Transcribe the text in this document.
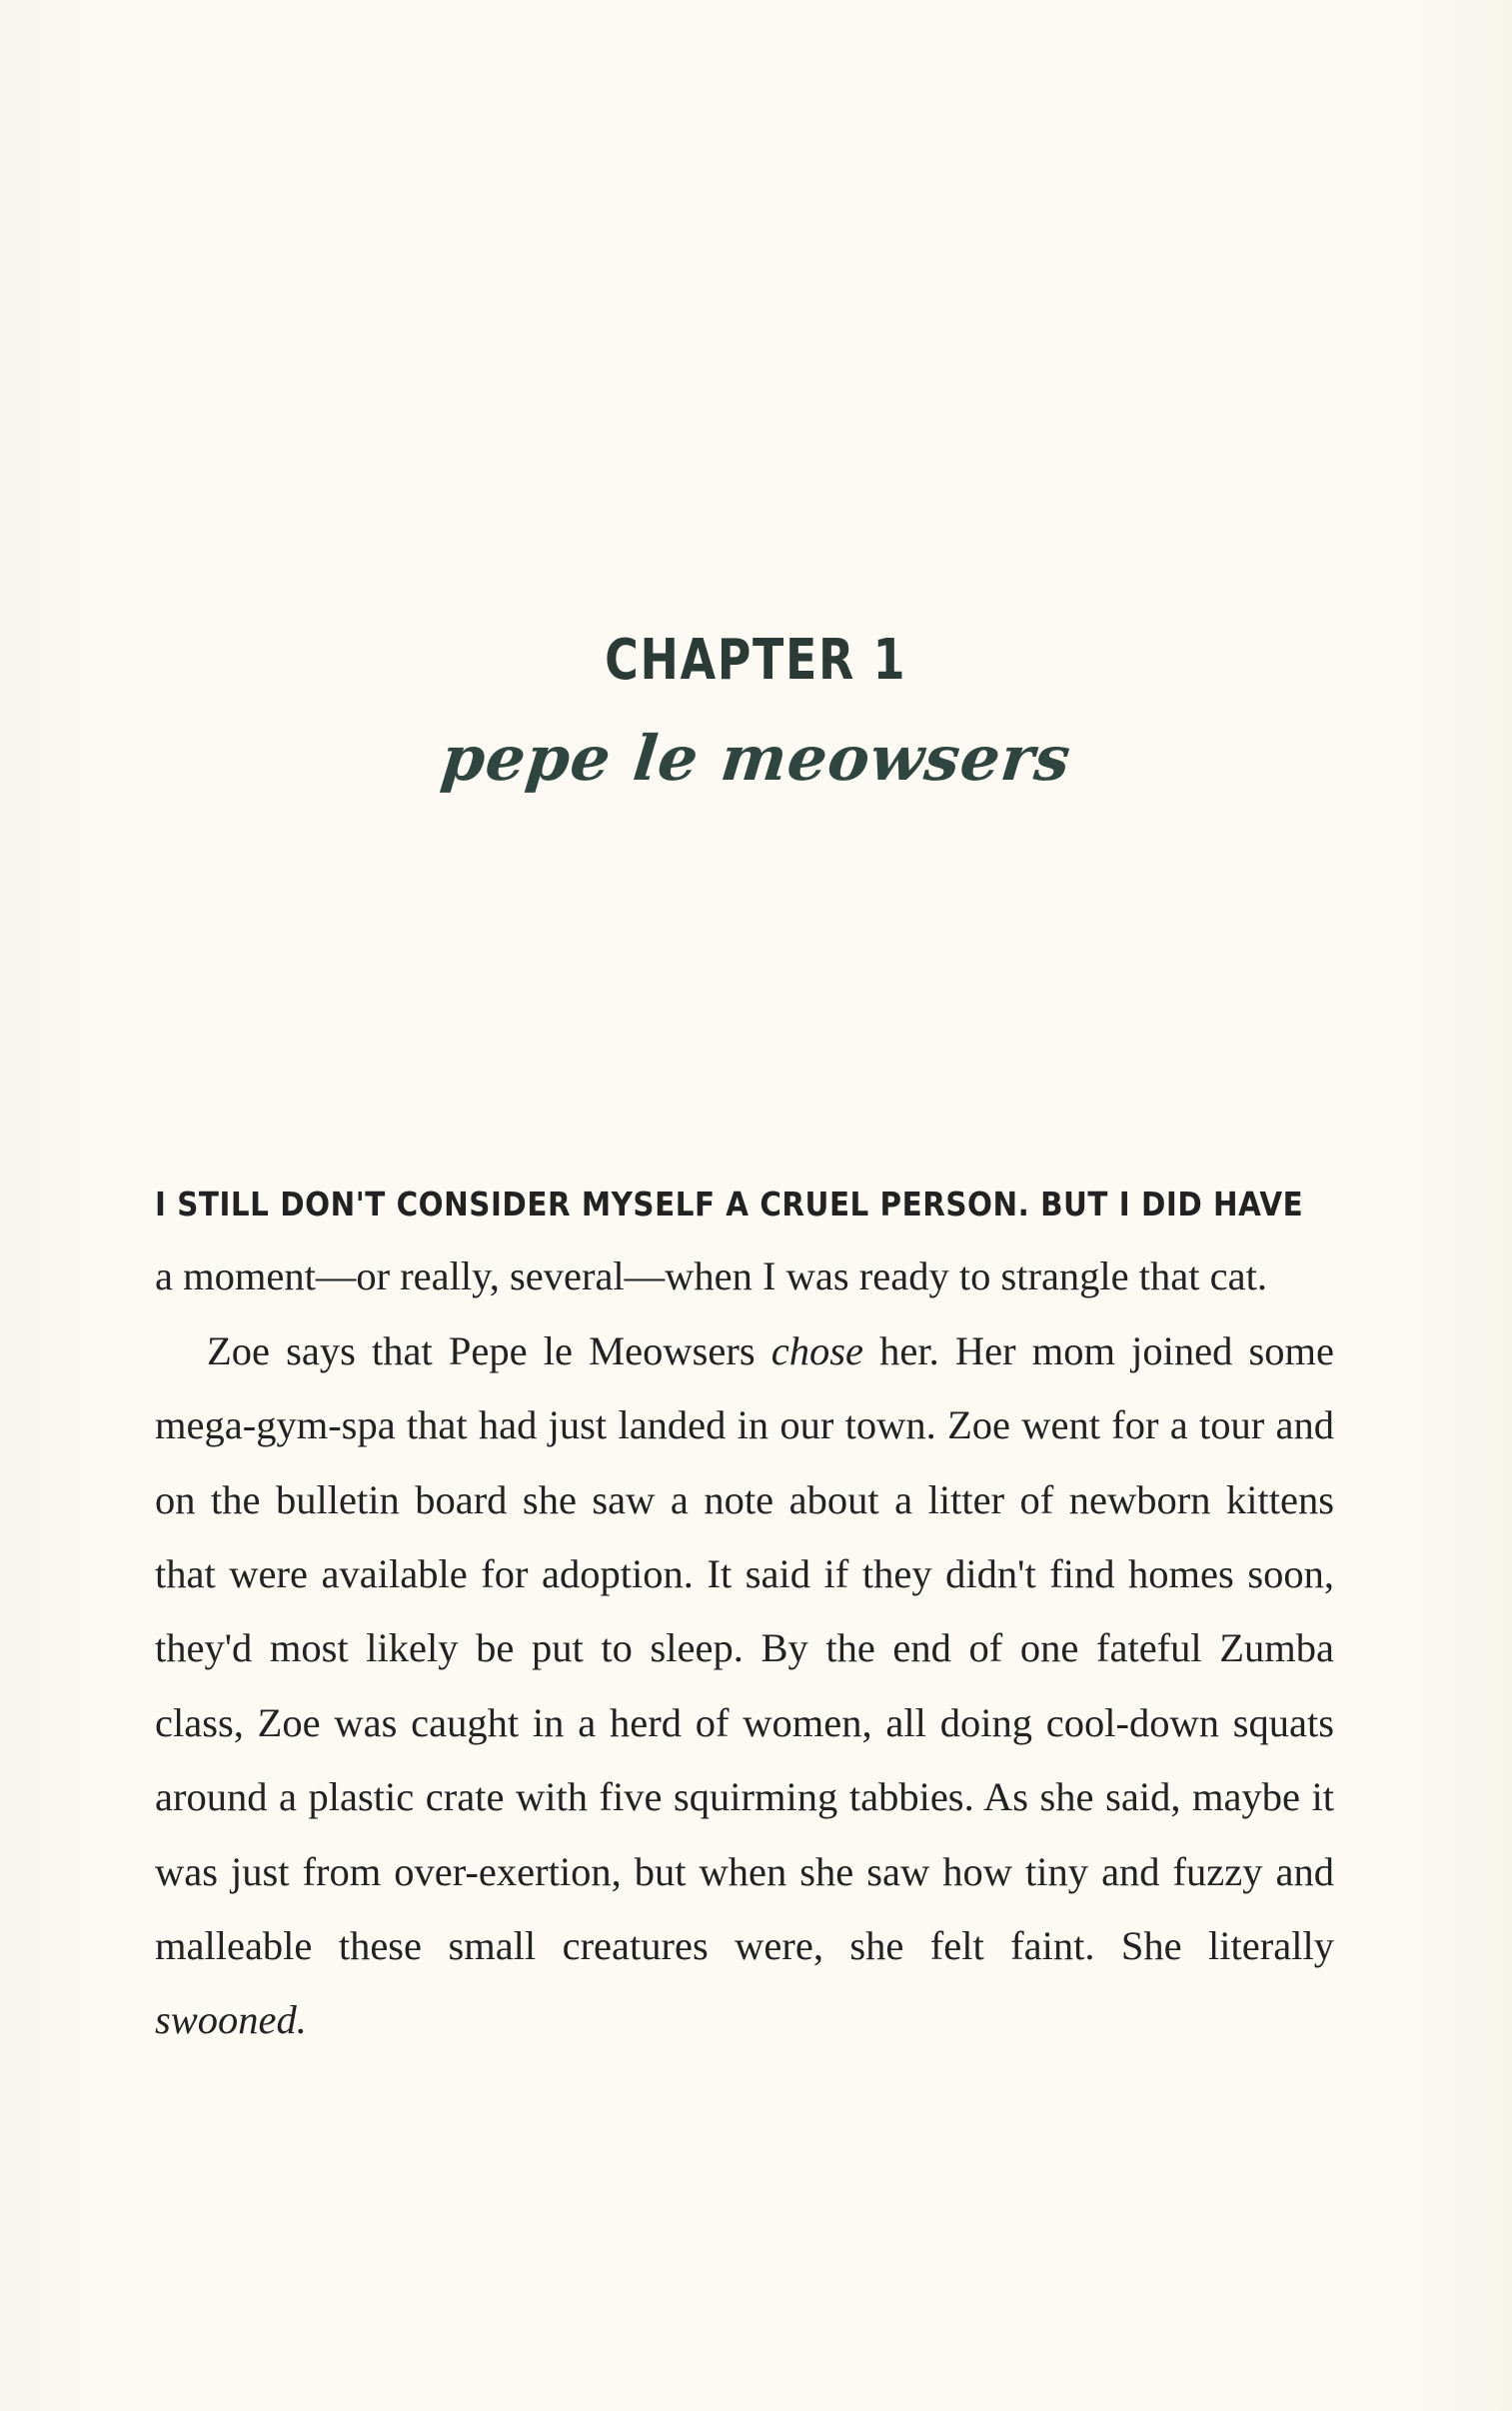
CHAPTER 1
pepe le meowsers

I STILL DON'T CONSIDER MYSELF A CRUEL PERSON. BUT I DID HAVE
a moment—or really, several—when I was ready to strangle that cat.

Zoe says that Pepe le Meowsers chose her. Her mom joined some mega-gym-spa that had just landed in our town. Zoe went for a tour and on the bulletin board she saw a note about a litter of newborn kittens that were available for adoption. It said if they didn't find homes soon, they'd most likely be put to sleep. By the end of one fateful Zumba class, Zoe was caught in a herd of women, all doing cool-down squats around a plastic crate with five squirming tabbies. As she said, maybe it was just from over-exertion, but when she saw how tiny and fuzzy and malleable these small creatures were, she felt faint. She literally swooned.
